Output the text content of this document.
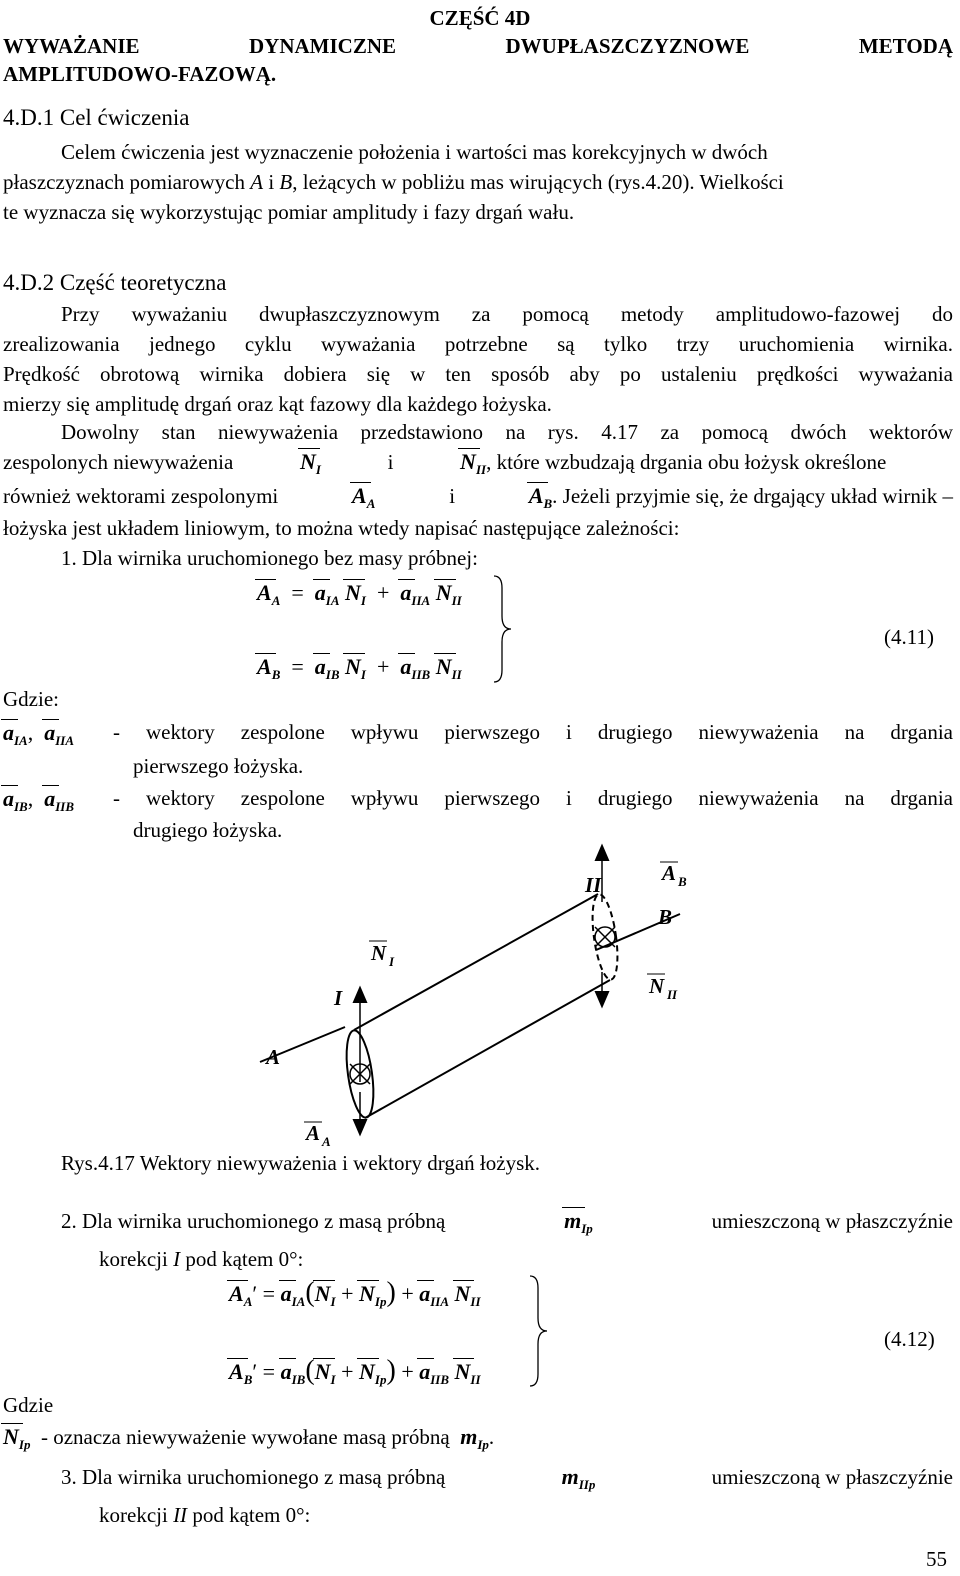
CZĘŚĆ 4D
WYWAŻANIE	DYNAMICZNE	DWUPŁASZCZYZNOWE	METODĄ
AMPLITUDOWO-FAZOWĄ.
4.D.1 Cel ćwiczenia
Celem ćwiczenia jest wyznaczenie położenia i wartości mas korekcyjnych w dwóch
płaszczyznach pomiarowych A i B, leżących w pobliżu mas wirujących (rys.4.20). Wielkości
te wyznacza się wykorzystując pomiar amplitudy i fazy drgań wału.
4.D.2 Część teoretyczna
Przy wyważaniu dwupłaszczyznowym za pomocą metody amplitudowo-fazowej do
zrealizowania jednego cyklu wyważania potrzebne są tylko trzy uruchomienia wirnika.
Prędkość obrotową wirnika dobiera się w ten sposób aby po ustaleniu prędkości wyważania
mierzy się amplitudę drgań oraz kąt fazowy dla każdego łożyska.
Dowolny stan niewyważenia przedstawiono na rys. 4.17 za pomocą dwóch wektorów
zespolonych niewyważenia	$N_I$	i	$N_{II}$, które wzbudzają drgania obu łożysk określone
również wektorami zespolonymi	$A_A$	i	$A_B$. Jeżeli przyjmie się, że drgający układ wirnik –
łożyska jest układem liniowym, to można wtedy napisać następujące zależności:
1. Dla wirnika uruchomionego bez masy próbnej:
$A_A = a_{IA}$ $N_I + a_{IIA}$ $N_{II}$
$A_B = a_{IB}$ $N_I + a_{IIB}$ $N_{II}$
(4.11)
Gdzie:
$a_{IA}$, $a_{IIA}$ - wektory zespolone wpływu pierwszego i drugiego niewyważenia na drgania
pierwszego łożyska.
$a_{IB}$, $a_{IIB}$ - wektory zespolone wpływu pierwszego i drugiego niewyważenia na drgania
drugiego łożyska.
II
I
A
B
A B
N I
N II
A A
Rys.4.17 Wektory niewyważenia i wektory drgań łożysk.
2. Dla wirnika uruchomionego z masą próbną	$m_{Ip}$	umieszczoną w płaszczyźnie
korekcji I pod kątem 0°:
$A_A' = a_{IA}(N_I + N_{Ip}) + a_{IIA}$ $N_{II}$
$A_B' = a_{IB}(N_I + N_{Ip}) + a_{IIB}$ $N_{II}$
(4.12)
Gdzie
$N_{Ip}$ - oznacza niewyważenie wywołane masą próbną $m_{Ip}$.
3. Dla wirnika uruchomionego z masą próbną	$m_{IIp}$	umieszczoną w płaszczyźnie
korekcji II pod kątem 0°:
55
